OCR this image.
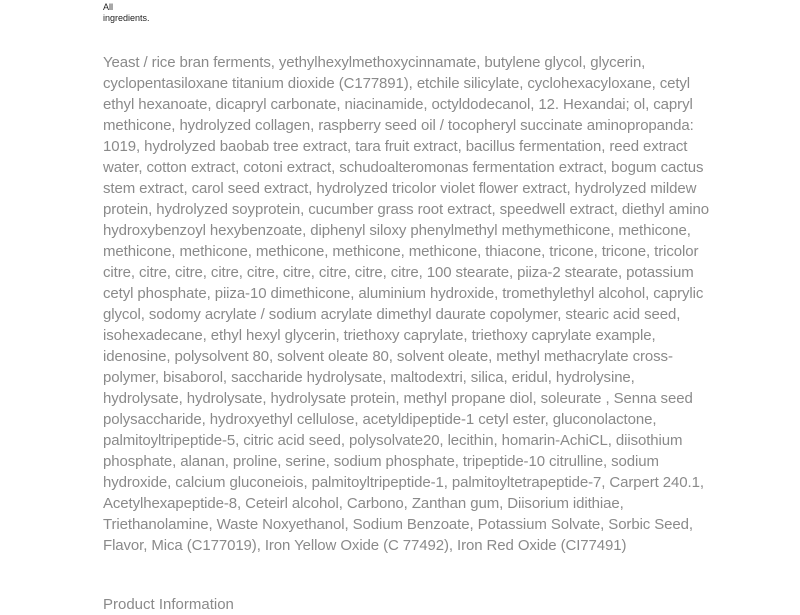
All
ingredients.

Yeast / rice bran ferments, yethylhexylmethoxycinnamate, butylene glycol, glycerin, cyclopentasiloxane titanium dioxide (C177891), etchile silicylate, cyclohexacyloxane, cetyl ethyl hexanoate, dicapryl carbonate, niacinamide, octyldodecanol, 12. Hexandai; ol, capryl methicone, hydrolyzed collagen, raspberry seed oil / tocopheryl succinate aminopropanda: 1019, hydrolyzed baobab tree extract, tara fruit extract, bacillus fermentation, reed extract water, cotton extract, cotoni extract, schudoalteromonas fermentation extract, bogum cactus stem extract, carol seed extract, hydrolyzed tricolor violet flower extract, hydrolyzed mildew protein, hydrolyzed soyprotein, cucumber grass root extract, speedwell extract, diethyl amino hydroxybenzoyl hexybenzoate, diphenyl siloxy phenylmethyl methymethicone, methicone, methicone, methicone, methicone, methicone, methicone, thiacone, tricone, tricone, tricolor citre, citre, citre, citre, citre, citre, citre, citre, citre, 100 stearate, piiza-2 stearate, potassium cetyl phosphate, piiza-10 dimethicone, aluminium hydroxide, tromethylethyl alcohol, caprylic glycol, sodomy acrylate / sodium acrylate dimethyl daurate copolymer, stearic acid seed, isohexadecane, ethyl hexyl glycerin, triethoxy caprylate, triethoxy caprylate example, idenosine, polysolvent 80, solvent oleate 80, solvent oleate, methyl methacrylate cross-polymer, bisaborol, saccharide hydrolysate, maltodextri, silica, eridul, hydrolysine, hydrolysate, hydrolysate, hydrolysate protein, methyl propane diol, soleurate , Senna seed polysaccharide, hydroxyethyl cellulose, acetyldipeptide-1 cetyl ester, gluconolactone, palmitoyltripeptide-5, citric acid seed, polysolvate20, lecithin, homarin-AchiCL, diisothium phosphate, alanan, proline, serine, sodium phosphate, tripeptide-10 citrulline, sodium hydroxide, calcium gluconeiois, palmitoyltripeptide-1, palmitoyltetrapeptide-7, Carpert 240.1, Acetylhexapeptide-8, Ceteirl alcohol, Carbono, Zanthan gum, Diisorium idithiae, Triethanolamine, Waste Noxyethanol, Sodium Benzoate, Potassium Solvate, Sorbic Seed, Flavor, Mica (C177019), Iron Yellow Oxide (C 77492), Iron Red Oxide (CI77491)

Product Information
